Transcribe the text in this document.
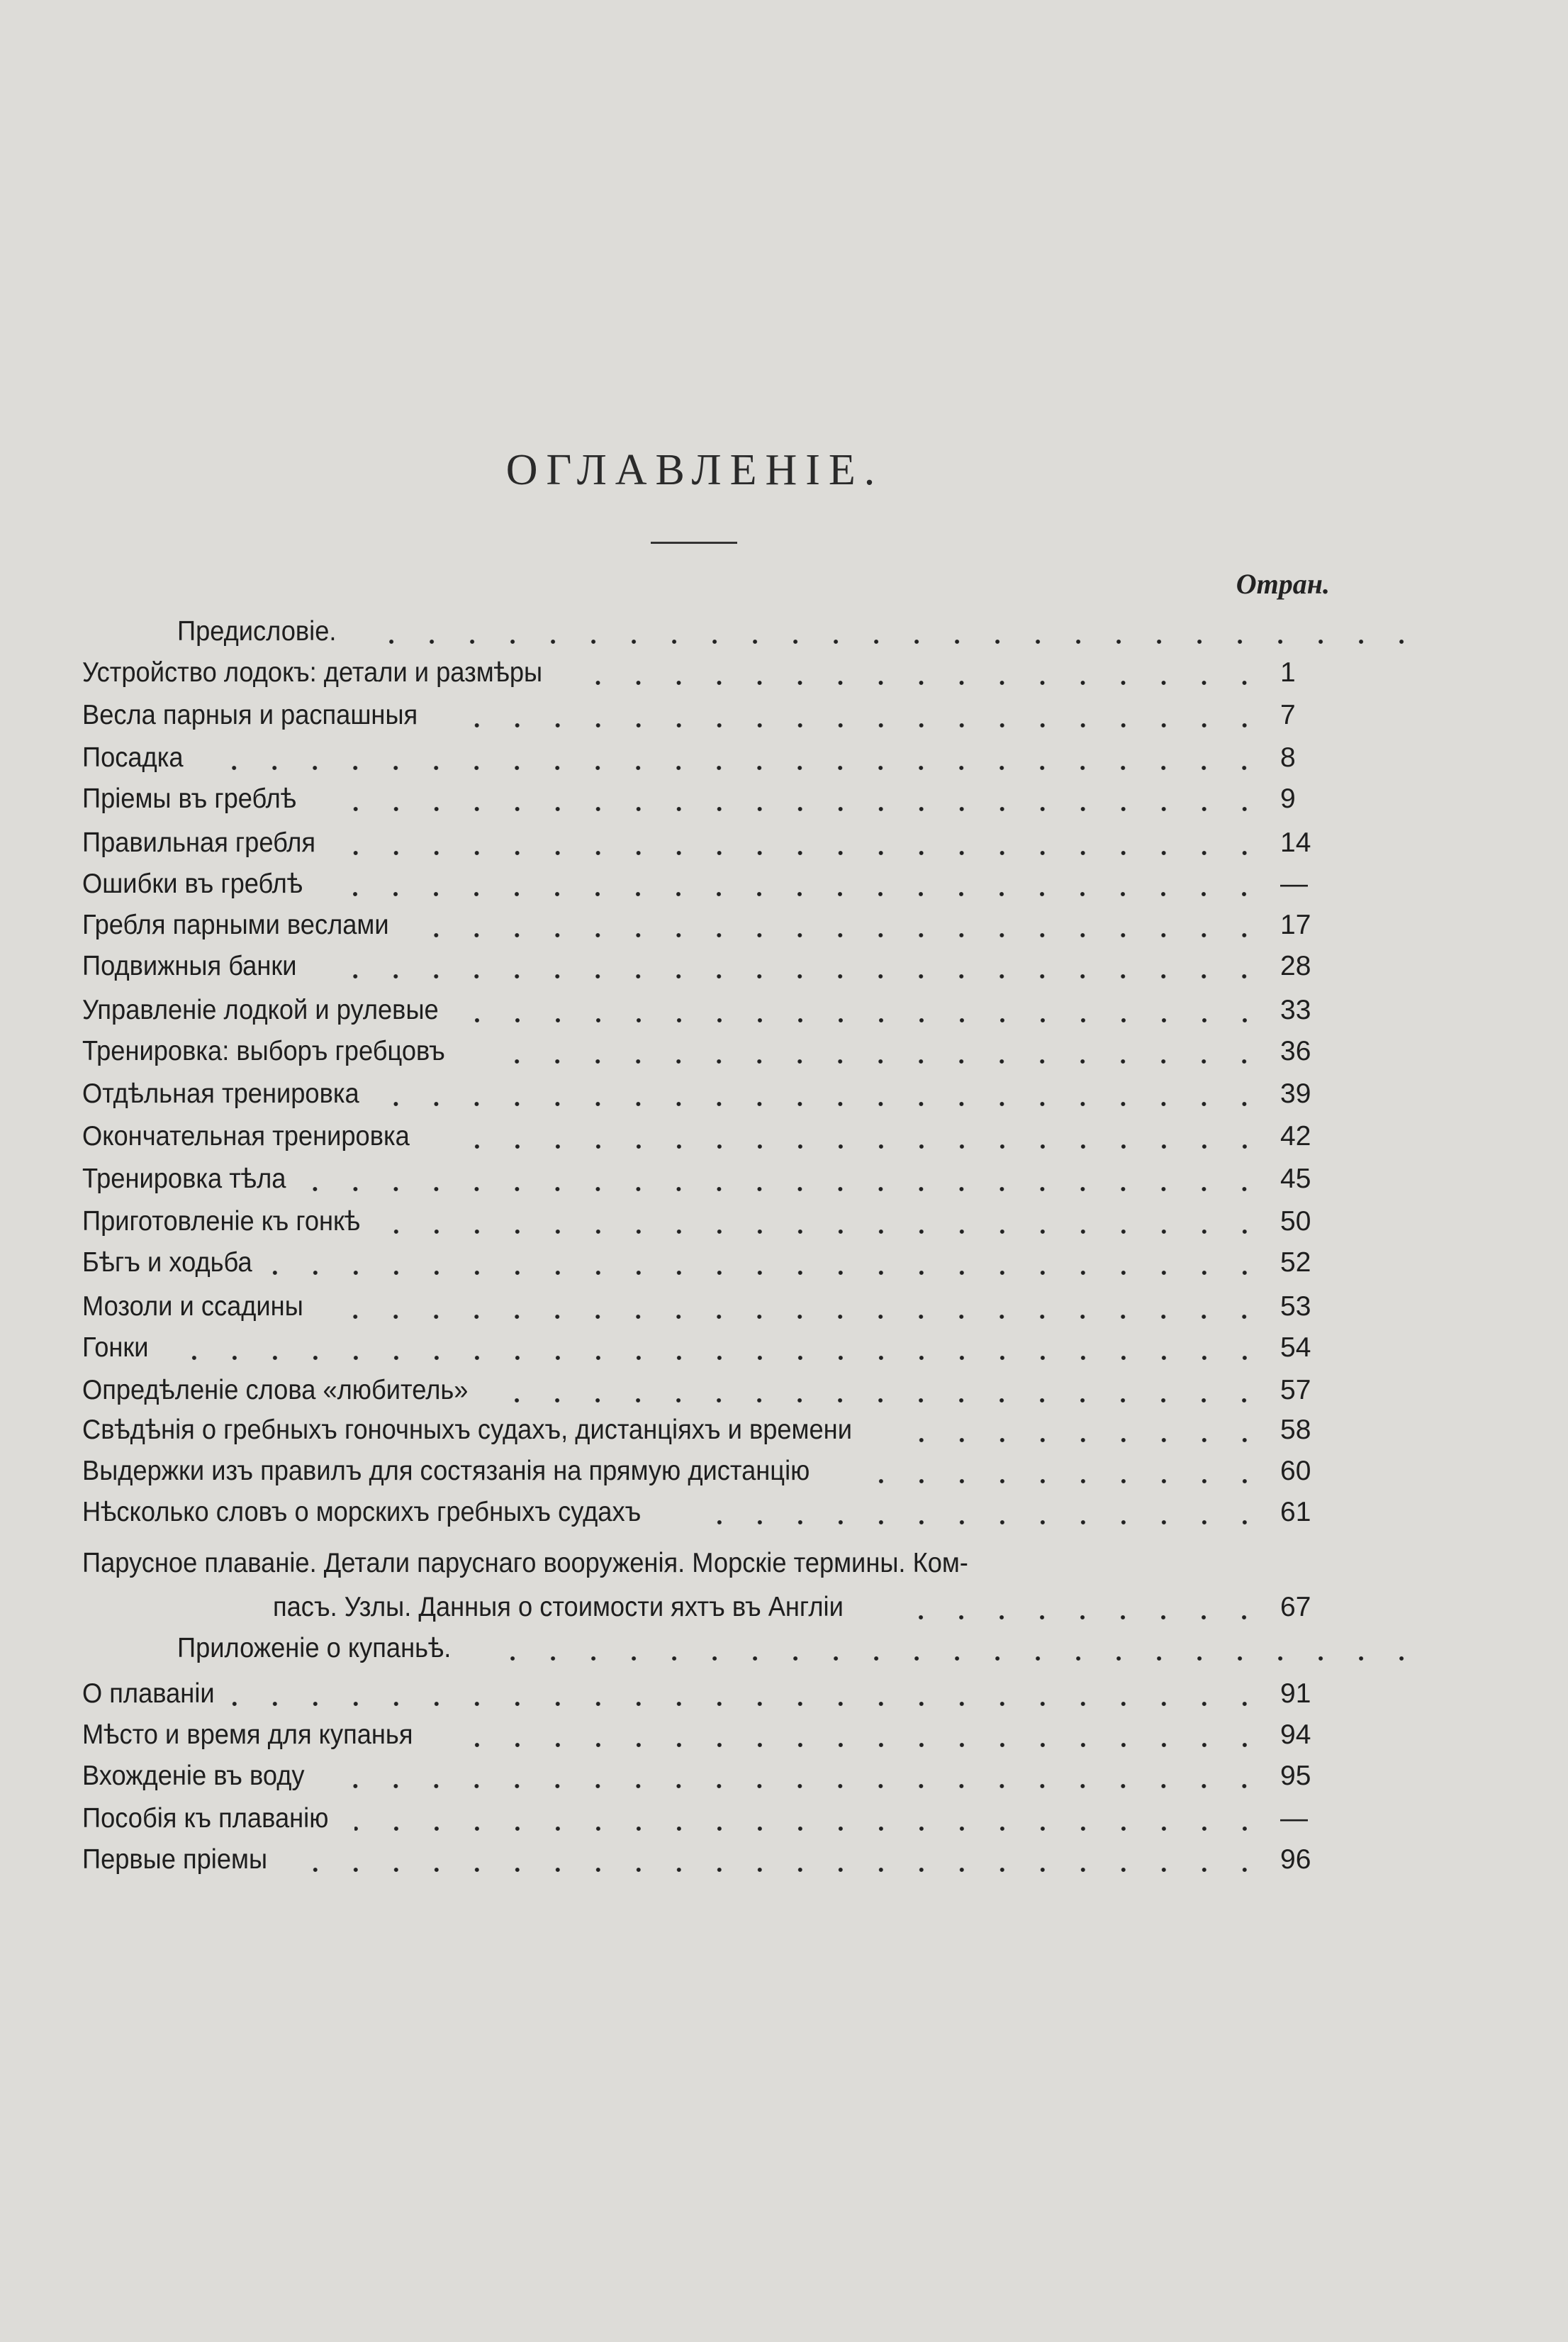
ОГЛАВЛЕНIЕ.
Отран.
Предисловiе.
Устройство лодокъ: детали и размѣры	1
Весла парныя и распашныя	7
Посадка	8
Прiемы въ греблѣ	9
Правильная гребля	14
Ошибки въ греблѣ	—
Гребля парными веслами	17
Подвижныя банки	28
Управленiе лодкой и рулевые	33
Тренировка: выборъ гребцовъ	36
Отдѣльная тренировка	39
Окончательная тренировка	42
Тренировка тѣла	45
Приготовленiе къ гонкѣ	50
Бѣгъ и ходьба	52
Мозоли и ссадины	53
Гонки	54
Опредѣленiе слова «любитель»	57
Свѣдѣнiя о гребныхъ гоночныхъ судахъ, дистанцiяхъ и времени	58
Выдержки изъ правилъ для состязанiя на прямую дистанцiю	60
Нѣсколько словъ о морскихъ гребныхъ судахъ	61
Парусное плаванiе. Детали паруснаго вооруженiя. Морскiе термины. Ком-
пасъ. Узлы. Данныя о стоимости яхтъ въ Англiи	67
Приложенiе о купаньѣ.
О плаванiи	91
Мѣсто и время для купанья	94
Вхожденiе въ воду	95
Пособiя къ плаванiю	—
Первые прiемы	96
